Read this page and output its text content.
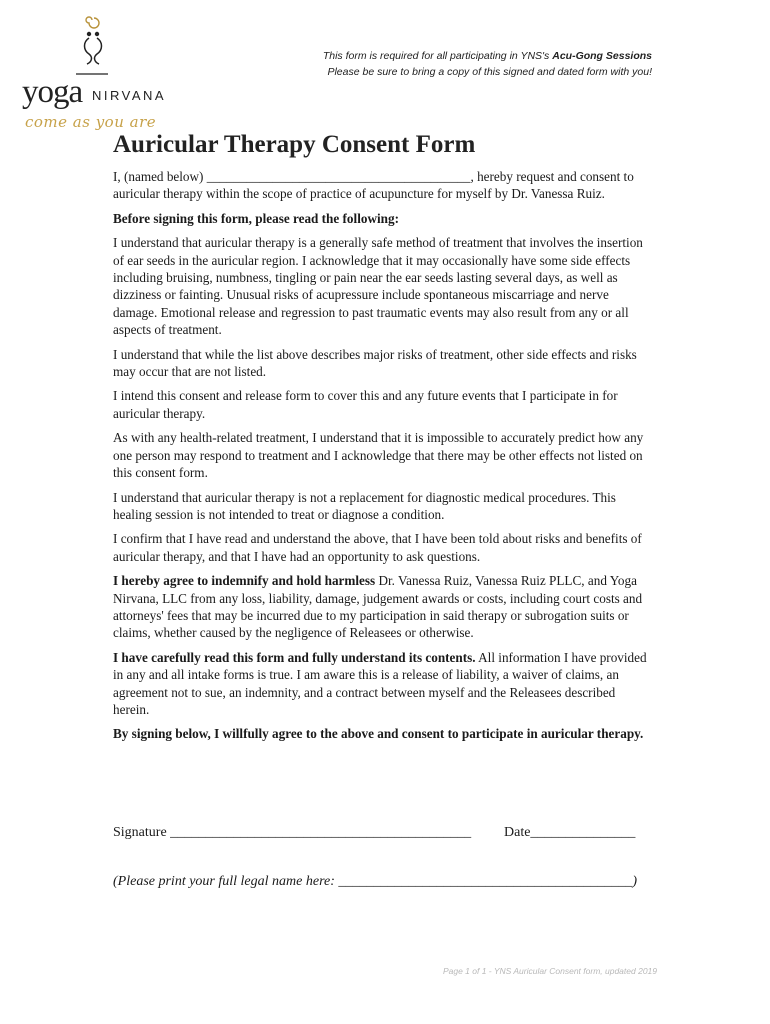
yoga NIRVANA
come as you are
This form is required for all participating in YNS's Acu-Gong Sessions
Please be sure to bring a copy of this signed and dated form with you!
Auricular Therapy Consent Form

I, (named below) ________________________________________, hereby request and consent to auricular therapy within the scope of practice of acupuncture for myself by Dr. Vanessa Ruiz.

Before signing this form, please read the following:

I understand that auricular therapy is a generally safe method of treatment that involves the insertion of ear seeds in the auricular region. I acknowledge that it may occasionally have some side effects including bruising, numbness, tingling or pain near the ear seeds lasting several days, as well as dizziness or fainting. Unusual risks of acupressure include spontaneous miscarriage and nerve damage. Emotional release and regression to past traumatic events may also result from any or all aspects of treatment.

I understand that while the list above describes major risks of treatment, other side effects and risks may occur that are not listed.

I intend this consent and release form to cover this and any future events that I participate in for auricular therapy.

As with any health-related treatment, I understand that it is impossible to accurately predict how any one person may respond to treatment and I acknowledge that there may be other effects not listed on this consent form.

I understand that auricular therapy is not a replacement for diagnostic medical procedures. This healing session is not intended to treat or diagnose a condition.

I confirm that I have read and understand the above, that I have been told about risks and benefits of auricular therapy, and that I have had an opportunity to ask questions.

I hereby agree to indemnify and hold harmless Dr. Vanessa Ruiz, Vanessa Ruiz PLLC, and Yoga Nirvana, LLC from any loss, liability, damage, judgement awards or costs, including court costs and attorneys' fees that may be incurred due to my participation in said therapy or subrogation suits or claims, whether caused by the negligence of Releasees or otherwise.

I have carefully read this form and fully understand its contents. All information I have provided in any and all intake forms is true. I am aware this is a release of liability, a waiver of claims, an agreement not to sue, an indemnity, and a contract between myself and the Releasees described herein.

By signing below, I willfully agree to the above and consent to participate in auricular therapy.

Signature ___________________________________________ Date_______________
(Please print your full legal name here: __________________________________________)
Page 1 of 1 - YNS Auricular Consent form, updated 2019
